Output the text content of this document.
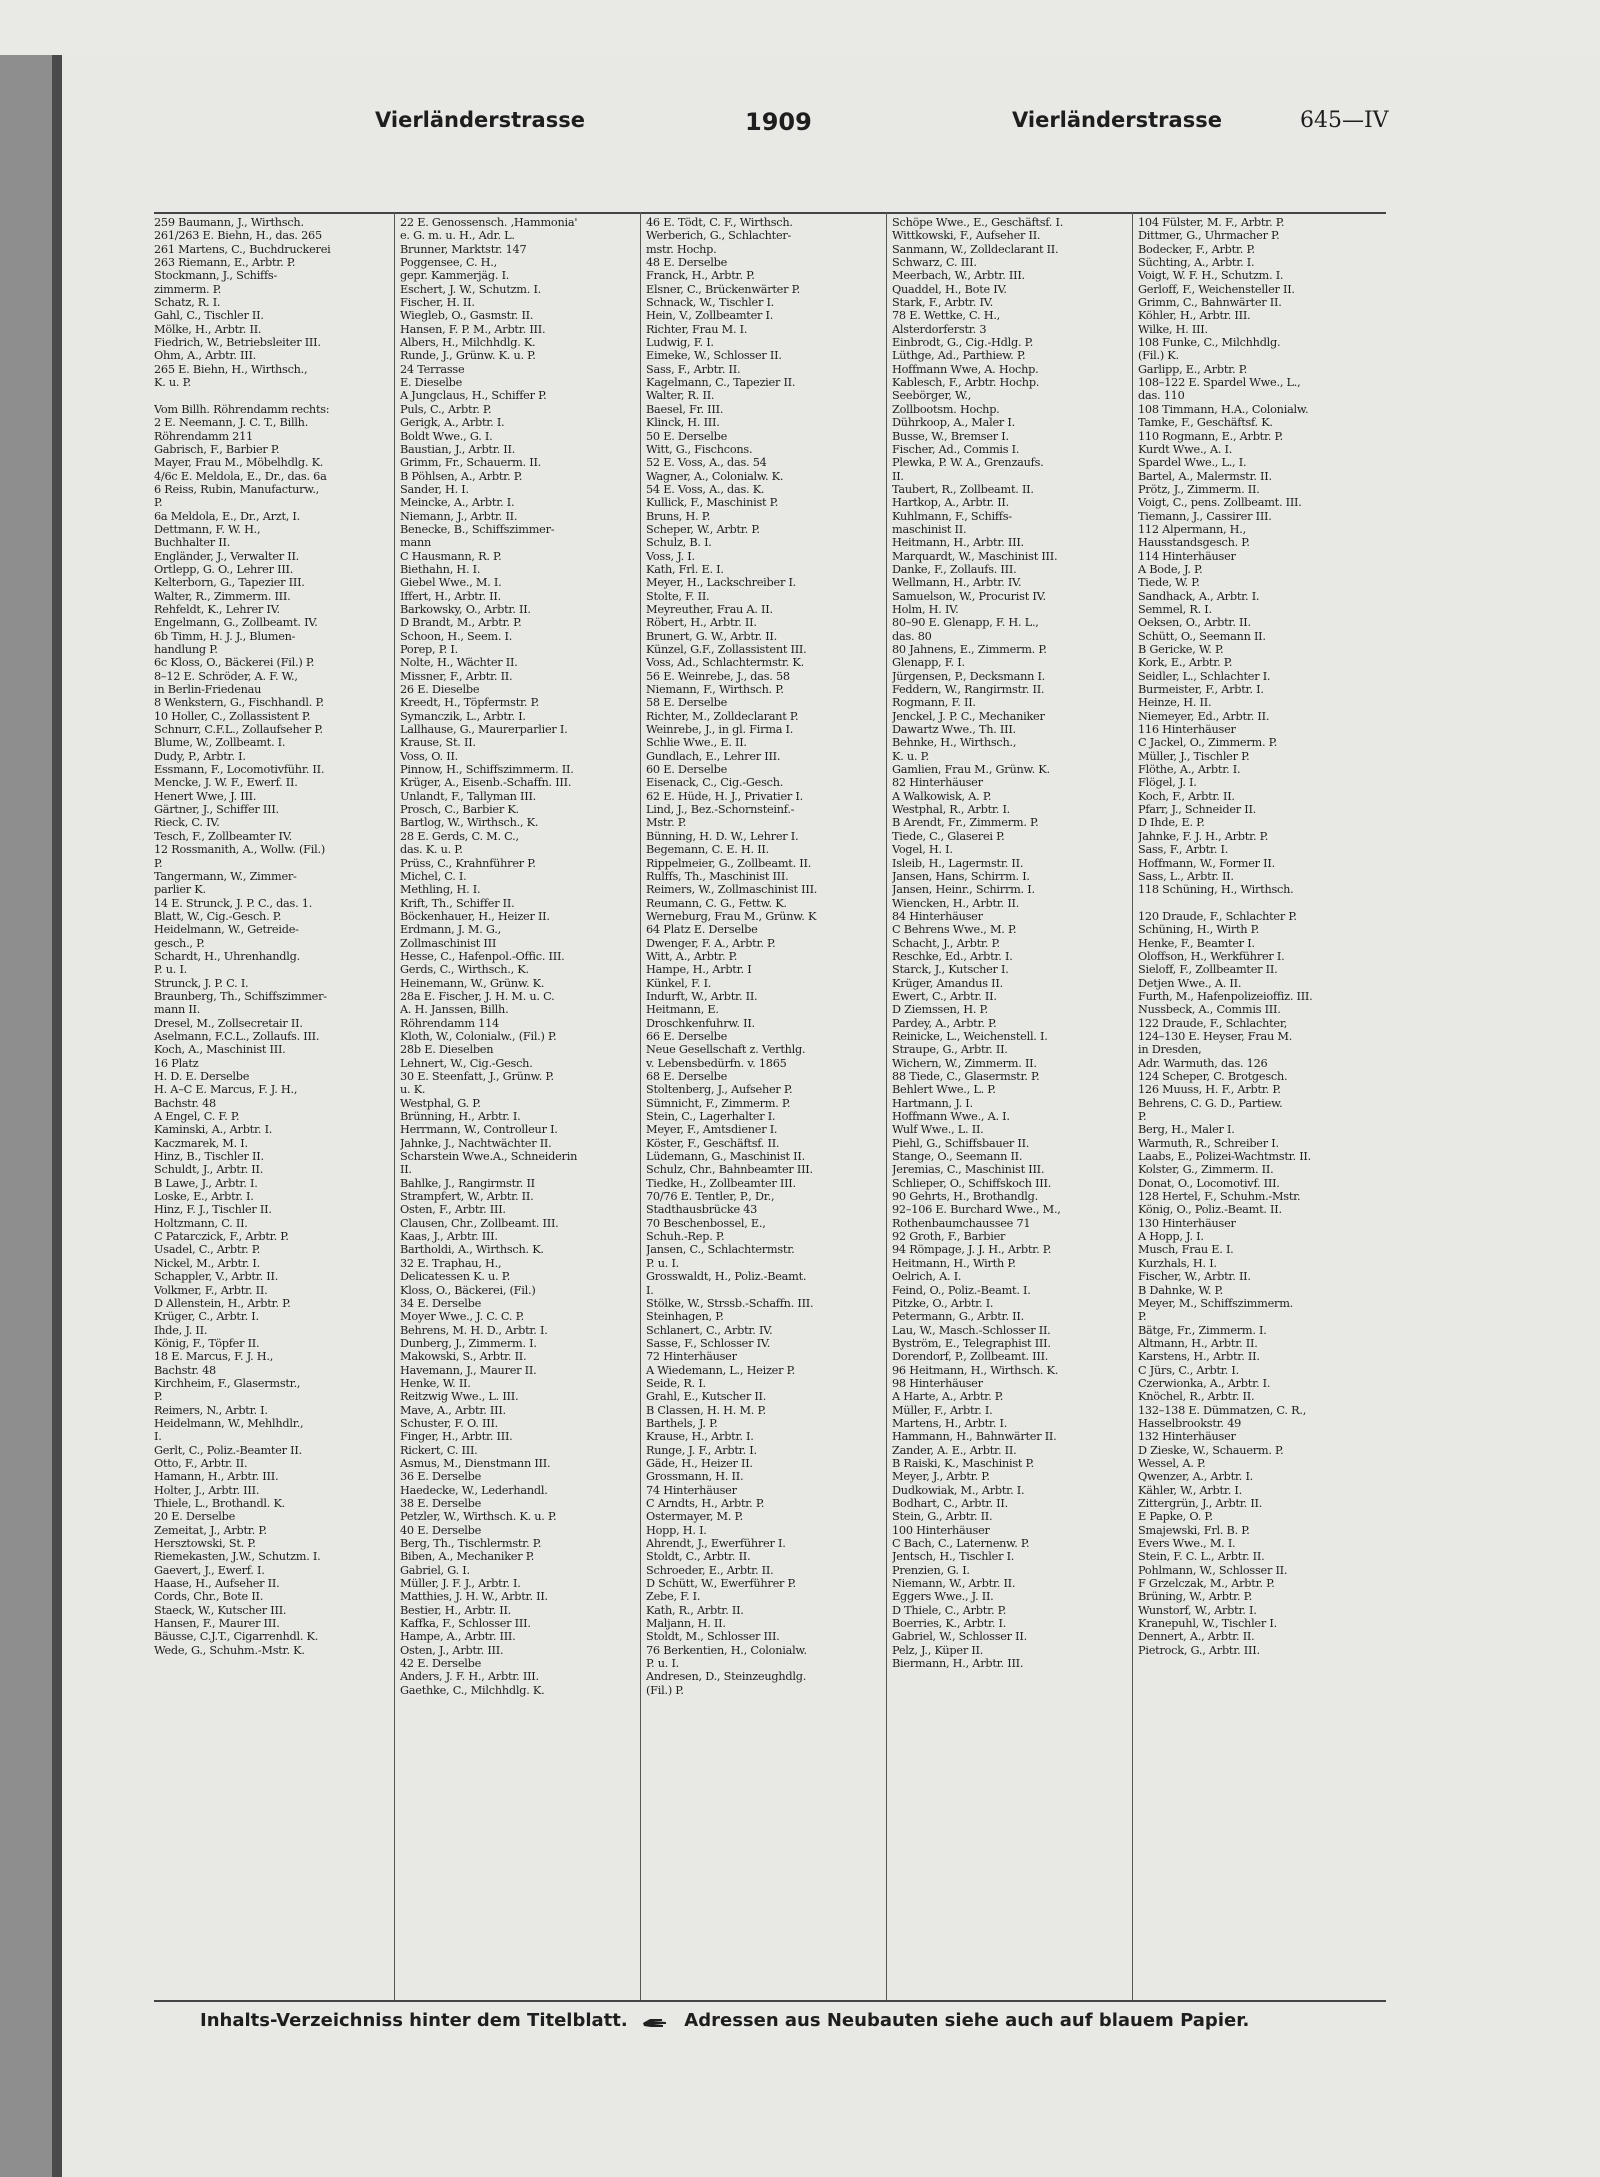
Vierländerstrasse	1909	Vierländerstrasse	645—IV
259 Baumann, J., Wirthsch.
261/263 E. Biehn, H., das. 265
261 Martens, C., Buchdruckerei
263 Riemann, E., Arbtr. P.
Stockmann, J., Schiffs-
zimmerm. P.
Schatz, R. I.
Gahl, C., Tischler II.
Mölke, H., Arbtr. II.
Fiedrich, W., Betriebsleiter III.
Ohm, A., Arbtr. III.
265 E. Biehn, H., Wirthsch.,
K. u. P.

Vom Billh. Röhrendamm rechts:
2 E. Neemann, J. C. T., Billh.
Röhrendamm 211
Gabrisch, F., Barbier P.
Mayer, Frau M., Möbelhdlg. K.
4/6c E. Meldola, E., Dr., das. 6a
6 Reiss, Rubin, Manufacturw.,
P.
6a Meldola, E., Dr., Arzt, I.
Dettmann, F. W. H.,
Buchhalter II.
Engländer, J., Verwalter II.
Ortlepp, G. O., Lehrer III.
Kelterborn, G., Tapezier III.
Walter, R., Zimmerm. III.
Rehfeldt, K., Lehrer IV.
Engelmann, G., Zollbeamt. IV.
6b Timm, H. J. J., Blumen-
handlung P.
6c Kloss, O., Bäckerei (Fil.) P.
8–12 E. Schröder, A. F. W.,
in Berlin-Friedenau
8 Wenkstern, G., Fischhandl. P.
10 Holler, C., Zollassistent P.
Schnurr, C.F.L., Zollaufseher P.
Blume, W., Zollbeamt. I.
Dudy, P., Arbtr. I.
Essmann, F., Locomotivführ. II.
Mencke, J. W. F., Ewerf. II.
Henert Wwe, J. III.
Gärtner, J., Schiffer III.
Rieck, C. IV.
Tesch, F., Zollbeamter IV.
12 Rossmanith, A., Wollw. (Fil.)
P.
Tangermann, W., Zimmer-
parlier K.
14 E. Strunck, J. P. C., das. 1.
Blatt, W., Cig.-Gesch. P.
Heidelmann, W., Getreide-
gesch., P.
Schardt, H., Uhrenhandlg.
P. u. I.
Strunck, J. P. C. I.
Braunberg, Th., Schiffszimmer-
mann II.
Dresel, M., Zollsecretair II.
Aselmann, F.C.L., Zollaufs. III.
Koch, A., Maschinist III.
16 Platz
H. D. E. Derselbe
H. A–C E. Marcus, F. J. H.,
Bachstr. 48
A Engel, C. F. P.
Kaminski, A., Arbtr. I.
Kaczmarek, M. I.
Hinz, B., Tischler II.
Schuldt, J., Arbtr. II.
B Lawe, J., Arbtr. I.
Loske, E., Arbtr. I.
Hinz, F. J., Tischler II.
Holtzmann, C. II.
C Patarczick, F., Arbtr. P.
Usadel, C., Arbtr. P.
Nickel, M., Arbtr. I.
Schappler, V., Arbtr. II.
Volkmer, F., Arbtr. II.
D Allenstein, H., Arbtr. P.
Krüger, C., Arbtr. I.
Ihde, J. II.
König, F., Töpfer II.
18 E. Marcus, F. J. H.,
Bachstr. 48
Kirchheim, F., Glasermstr.,
P.
Reimers, N., Arbtr. I.
Heidelmann, W., Mehlhdlr.,
I.
Gerlt, C., Poliz.-Beamter II.
Otto, F., Arbtr. II.
Hamann, H., Arbtr. III.
Holter, J., Arbtr. III.
Thiele, L., Brothandl. K.
20 E. Derselbe
Zemeitat, J., Arbtr. P.
Hersztowski, St. P.
Riemekasten, J.W., Schutzm. I.
Gaevert, J., Ewerf. I.
Haase, H., Aufseher II.
Cords, Chr., Bote II.
Staeck, W., Kutscher III.
Hansen, F., Maurer III.
Bäusse, C.J.T., Cigarrenhdl. K.
Wede, G., Schuhm.-Mstr. K.
22 E. Genossensch. ,Hammonia'
e. G. m. u. H., Adr. L.
Brunner, Marktstr. 147
Poggensee, C. H.,
gepr. Kammerjäg. I.
Eschert, J. W., Schutzm. I.
Fischer, H. II.
Wiegleb, O., Gasmstr. II.
Hansen, F. P. M., Arbtr. III.
Albers, H., Milchhdlg. K.
Runde, J., Grünw. K. u. P.
24 Terrasse
E. Dieselbe
A Jungclaus, H., Schiffer P.
Puls, C., Arbtr. P.
Gerigk, A., Arbtr. I.
Boldt Wwe., G. I.
Baustian, J., Arbtr. II.
Grimm, Fr., Schauerm. II.
B Pöhlsen, A., Arbtr. P.
Sander, H. I.
Meincke, A., Arbtr. I.
Niemann, J., Arbtr. II.
Benecke, B., Schiffszimmer-
mann
C Hausmann, R. P.
Biethahn, H. I.
Giebel Wwe., M. I.
Iffert, H., Arbtr. II.
Barkowsky, O., Arbtr. II.
D Brandt, M., Arbtr. P.
Schoon, H., Seem. I.
Porep, P. I.
Nolte, H., Wächter II.
Missner, F., Arbtr. II.
26 E. Dieselbe
Kreedt, H., Töpfermstr. P.
Symanczik, L., Arbtr. I.
Lallhause, G., Maurerparlier I.
Krause, St. II.
Voss, O. II.
Pinnow, H., Schiffszimmerm. II.
Krüger, A., Eisenb.-Schaffn. III.
Unlandt, F., Tallyman III.
Prosch, C., Barbier K.
Bartlog, W., Wirthsch., K.
28 E. Gerds, C. M. C.,
das. K. u. P.
Prüss, C., Krahnführer P.
Michel, C. I.
Methling, H. I.
Krift, Th., Schiffer II.
Böckenhauer, H., Heizer II.
Erdmann, J. M. G.,
Zollmaschinist III
Hesse, C., Hafenpol.-Offic. III.
Gerds, C., Wirthsch., K.
Heinemann, W., Grünw. K.
28a E. Fischer, J. H. M. u. C.
A. H. Janssen, Billh.
Röhrendamm 114
Kloth, W., Colonialw., (Fil.) P.
28b E. Dieselben
Lehnert, W., Cig.-Gesch.
30 E. Steenfatt, J., Grünw. P.
u. K.
Westphal, G. P.
Brünning, H., Arbtr. I.
Herrmann, W., Controlleur I.
Jahnke, J., Nachtwächter II.
Scharstein Wwe.A., Schneiderin
II.
Bahlke, J., Rangirmstr. II
Strampfert, W., Arbtr. II.
Osten, F., Arbtr. III.
Clausen, Chr., Zollbeamt. III.
Kaas, J., Arbtr. III.
Bartholdi, A., Wirthsch. K.
32 E. Traphau, H.,
Delicatessen K. u. P.
Kloss, O., Bäckerei, (Fil.)
34 E. Derselbe
Moyer Wwe., J. C. C. P.
Behrens, M. H. D., Arbtr. I.
Dunberg, J., Zimmerm. I.
Makowski, S., Arbtr. II.
Havemann, J., Maurer II.
Henke, W. II.
Reitzwig Wwe., L. III.
Mave, A., Arbtr. III.
Schuster, F. O. III.
Finger, H., Arbtr. III.
Rickert, C. III.
Asmus, M., Dienstmann III.
36 E. Derselbe
Haedecke, W., Lederhandl.
38 E. Derselbe
Petzler, W., Wirthsch. K. u. P.
40 E. Derselbe
Berg, Th., Tischlermstr. P.
Biben, A., Mechaniker P.
Gabriel, G. I.
Müller, J. F. J., Arbtr. I.
Matthies, J. H. W., Arbtr. II.
Bestier, H., Arbtr. II.
Kaffka, F., Schlosser III.
Hampe, A., Arbtr. III.
Osten, J., Arbtr. III.
42 E. Derselbe
Anders, J. F. H., Arbtr. III.
Gaethke, C., Milchhdlg. K.
46 E. Tödt, C. F., Wirthsch.
Werberich, G., Schlachter-
mstr. Hochp.
48 E. Derselbe
Franck, H., Arbtr. P.
Elsner, C., Brückenwärter P.
Schnack, W., Tischler I.
Hein, V., Zollbeamter I.
Richter, Frau M. I.
Ludwig, F. I.
Eimeke, W., Schlosser II.
Sass, F., Arbtr. II.
Kagelmann, C., Tapezier II.
Walter, R. II.
Baesel, Fr. III.
Klinck, H. III.
50 E. Derselbe
Witt, G., Fischcons.
52 E. Voss, A., das. 54
Wagner, A., Colonialw. K.
54 E. Voss, A., das. K.
Kullick, F., Maschinist P.
Bruns, H. P.
Scheper, W., Arbtr. P.
Schulz, B. I.
Voss, J. I.
Kath, Frl. E. I.
Meyer, H., Lackschreiber I.
Stolte, F. II.
Meyreuther, Frau A. II.
Röbert, H., Arbtr. II.
Brunert, G. W., Arbtr. II.
Künzel, G.F., Zollassistent III.
Voss, Ad., Schlachtermstr. K.
56 E. Weinrebe, J., das. 58
Niemann, F., Wirthsch. P.
58 E. Derselbe
Richter, M., Zolldeclarant P.
Weinrebe, J., in gl. Firma I.
Schlie Wwe., E. II.
Gundlach, E., Lehrer III.
60 E. Derselbe
Eisenack, C., Cig.-Gesch.
62 E. Hüde, H. J., Privatier I.
Lind, J., Bez.-Schornsteinf.-
Mstr. P.
Bünning, H. D. W., Lehrer I.
Begemann, C. E. H. II.
Rippelmeier, G., Zollbeamt. II.
Rulffs, Th., Maschinist III.
Reimers, W., Zollmaschinist III.
Reumann, C. G., Fettw. K.
Werneburg, Frau M., Grünw. K
64 Platz E. Derselbe
Dwenger, F. A., Arbtr. P.
Witt, A., Arbtr. P.
Hampe, H., Arbtr. I
Künkel, F. I.
Indurft, W., Arbtr. II.
Heitmann, E.
Droschkenfuhrw. II.
66 E. Derselbe
Neue Gesellschaft z. Verthlg.
v. Lebensbedürfn. v. 1865
68 E. Derselbe
Stoltenberg, J., Aufseher P.
Sümnicht, F., Zimmerm. P.
Stein, C., Lagerhalter I.
Meyer, F., Amtsdiener I.
Köster, F., Geschäftsf. II.
Lüdemann, G., Maschinist II.
Schulz, Chr., Bahnbeamter III.
Tiedke, H., Zollbeamter III.
70/76 E. Tentler, P., Dr.,
Stadthausbrücke 43
70 Beschenbossel, E.,
Schuh.-Rep. P.
Jansen, C., Schlachtermstr.
P. u. I.
Grosswaldt, H., Poliz.-Beamt.
I.
Stölke, W., Strssb.-Schaffn. III.
Steinhagen, P.
Schlanert, C., Arbtr. IV.
Sasse, F., Schlosser IV.
72 Hinterhäuser
A Wiedemann, L., Heizer P.
Seide, R. I.
Grahl, E., Kutscher II.
B Classen, H. H. M. P.
Barthels, J. P.
Krause, H., Arbtr. I.
Runge, J. F., Arbtr. I.
Gäde, H., Heizer II.
Grossmann, H. II.
74 Hinterhäuser
C Arndts, H., Arbtr. P.
Ostermayer, M. P.
Hopp, H. I.
Ahrendt, J., Ewerführer I.
Stoldt, C., Arbtr. II.
Schroeder, E., Arbtr. II.
D Schütt, W., Ewerführer P.
Zebe, F. I.
Kath, R., Arbtr. II.
Maljann, H. II.
Stoldt, M., Schlosser III.
76 Berkentien, H., Colonialw.
P. u. I.
Andresen, D., Steinzeughdlg.
(Fil.) P.
Schöpe Wwe., E., Geschäftsf. I.
Wittkowski, F., Aufseher II.
Sanmann, W., Zolldeclarant II.
Schwarz, C. III.
Meerbach, W., Arbtr. III.
Quaddel, H., Bote IV.
Stark, F., Arbtr. IV.
78 E. Wettke, C. H.,
Alsterdorferstr. 3
Einbrodt, G., Cig.-Hdlg. P.
Lüthge, Ad., Parthiew. P.
Hoffmann Wwe, A. Hochp.
Kablesch, F., Arbtr. Hochp.
Seebörger, W.,
Zollbootsm. Hochp.
Dührkoop, A., Maler I.
Busse, W., Bremser I.
Fischer, Ad., Commis I.
Plewka, P. W. A., Grenzaufs.
II.
Taubert, R., Zollbeamt. II.
Hartkop, A., Arbtr. II.
Kuhlmann, F., Schiffs-
maschinist II.
Heitmann, H., Arbtr. III.
Marquardt, W., Maschinist III.
Danke, F., Zollaufs. III.
Wellmann, H., Arbtr. IV.
Samuelson, W., Procurist IV.
Holm, H. IV.
80–90 E. Glenapp, F. H. L.,
das. 80
80 Jahnens, E., Zimmerm. P.
Glenapp, F. I.
Jürgensen, P., Decksmann I.
Feddern, W., Rangirmstr. II.
Rogmann, F. II.
Jenckel, J. P. C., Mechaniker
Dawartz Wwe., Th. III.
Behnke, H., Wirthsch.,
K. u. P.
Gamlien, Frau M., Grünw. K.
82 Hinterhäuser
A Walkowisk, A. P.
Westphal, R., Arbtr. I.
B Arendt, Fr., Zimmerm. P.
Tiede, C., Glaserei P.
Vogel, H. I.
Isleib, H., Lagermstr. II.
Jansen, Hans, Schirrm. I.
Jansen, Heinr., Schirrm. I.
Wiencken, H., Arbtr. II.
84 Hinterhäuser
C Behrens Wwe., M. P.
Schacht, J., Arbtr. P.
Reschke, Ed., Arbtr. I.
Starck, J., Kutscher I.
Krüger, Amandus II.
Ewert, C., Arbtr. II.
D Ziemssen, H. P.
Pardey, A., Arbtr. P.
Reinicke, L., Weichenstell. I.
Straupe, G., Arbtr. II.
Wichern, W., Zimmerm. II.
88 Tiede, C., Glasermstr. P.
Behlert Wwe., L. P.
Hartmann, J. I.
Hoffmann Wwe., A. I.
Wulf Wwe., L. II.
Piehl, G., Schiffsbauer II.
Stange, O., Seemann II.
Jeremias, C., Maschinist III.
Schlieper, O., Schiffskoch III.
90 Gehrts, H., Brothandlg.
92–106 E. Burchard Wwe., M.,
Rothenbaumchaussee 71
92 Groth, F., Barbier
94 Römpage, J. J. H., Arbtr. P.
Heitmann, H., Wirth P.
Oelrich, A. I.
Feind, O., Poliz.-Beamt. I.
Pitzke, O., Arbtr. I.
Petermann, G., Arbtr. II.
Lau, W., Masch.-Schlosser II.
Byström, E., Telegraphist III.
Dorendorf, P., Zollbeamt. III.
96 Heitmann, H., Wirthsch. K.
98 Hinterhäuser
A Harte, A., Arbtr. P.
Müller, F., Arbtr. I.
Martens, H., Arbtr. I.
Hammann, H., Bahnwärter II.
Zander, A. E., Arbtr. II.
B Raiski, K., Maschinist P.
Meyer, J., Arbtr. P.
Dudkowiak, M., Arbtr. I.
Bodhart, C., Arbtr. II.
Stein, G., Arbtr. II.
100 Hinterhäuser
C Bach, C., Laternenw. P.
Jentsch, H., Tischler I.
Prenzien, G. I.
Niemann, W., Arbtr. II.
Eggers Wwe., J. II.
D Thiele, C., Arbtr. P.
Boerries, K., Arbtr. I.
Gabriel, W., Schlosser II.
Pelz, J., Küper II.
Biermann, H., Arbtr. III.
104 Fülster, M. F., Arbtr. P.
Dittmer, G., Uhrmacher P.
Bodecker, F., Arbtr. P.
Süchting, A., Arbtr. I.
Voigt, W. F. H., Schutzm. I.
Gerloff, F., Weichensteller II.
Grimm, C., Bahnwärter II.
Köhler, H., Arbtr. III.
Wilke, H. III.
108 Funke, C., Milchhdlg.
(Fil.) K.
Garlipp, E., Arbtr. P.
108–122 E. Spardel Wwe., L.,
das. 110
108 Timmann, H.A., Colonialw.
Tamke, F., Geschäftsf. K.
110 Rogmann, E., Arbtr. P.
Kurdt Wwe., A. I.
Spardel Wwe., L., I.
Bartel, A., Malermstr. II.
Prötz, J., Zimmerm. II.
Voigt, C., pens. Zollbeamt. III.
Tiemann, J., Cassirer III.
112 Alpermann, H.,
Hausstandsgesch. P.
114 Hinterhäuser
A Bode, J. P.
Tiede, W. P.
Sandhack, A., Arbtr. I.
Semmel, R. I.
Oeksen, O., Arbtr. II.
Schütt, O., Seemann II.
B Gericke, W. P.
Kork, E., Arbtr. P.
Seidler, L., Schlachter I.
Burmeister, F., Arbtr. I.
Heinze, H. II.
Niemeyer, Ed., Arbtr. II.
116 Hinterhäuser
C Jackel, O., Zimmerm. P.
Müller, J., Tischler P.
Flöthe, A., Arbtr. I.
Flögel, J. I.
Koch, F., Arbtr. II.
Pfarr, J., Schneider II.
D Ihde, E. P.
Jahnke, F. J. H., Arbtr. P.
Sass, F., Arbtr. I.
Hoffmann, W., Former II.
Sass, L., Arbtr. II.
118 Schüning, H., Wirthsch.

120 Draude, F., Schlachter P.
Schüning, H., Wirth P.
Henke, F., Beamter I.
Oloffson, H., Werkführer I.
Sieloff, F., Zollbeamter II.
Detjen Wwe., A. II.
Furth, M., Hafenpolizeioffiz. III.
Nussbeck, A., Commis III.
122 Draude, F., Schlachter,
124–130 E. Heyser, Frau M.
in Dresden,
Adr. Warmuth, das. 126
124 Scheper, C. Brotgesch.
126 Muuss, H. F., Arbtr. P.
Behrens, C. G. D., Partiew.
P.
Berg, H., Maler I.
Warmuth, R., Schreiber I.
Laabs, E., Polizei-Wachtmstr. II.
Kolster, G., Zimmerm. II.
Donat, O., Locomotivf. III.
128 Hertel, F., Schuhm.-Mstr.
König, O., Poliz.-Beamt. II.
130 Hinterhäuser
A Hopp, J. I.
Musch, Frau E. I.
Kurzhals, H. I.
Fischer, W., Arbtr. II.
B Dahnke, W. P.
Meyer, M., Schiffszimmerm.
P.
Bätge, Fr., Zimmerm. I.
Altmann, H., Arbtr. II.
Karstens, H., Arbtr. II.
C Jürs, C., Arbtr. I.
Czerwionka, A., Arbtr. I.
Knöchel, R., Arbtr. II.
132–138 E. Dümmatzen, C. R.,
Hasselbrookstr. 49
132 Hinterhäuser
D Zieske, W., Schauerm. P.
Wessel, A. P.
Qwenzer, A., Arbtr. I.
Kähler, W., Arbtr. I.
Zittergrün, J., Arbtr. II.
E Papke, O. P.
Smajewski, Frl. B. P.
Evers Wwe., M. I.
Stein, F. C. L., Arbtr. II.
Pohlmann, W., Schlosser II.
F Grzelczak, M., Arbtr. P.
Brüning, W., Arbtr. P.
Wunstorf, W., Arbtr. I.
Kranepuhl, W., Tischler I.
Dennert, A., Arbtr. II.
Pietrock, G., Arbtr. III.
Inhalts-Verzeichniss hinter dem Titelblatt.	Adressen aus Neubauten siehe auch auf blauem Papier.
